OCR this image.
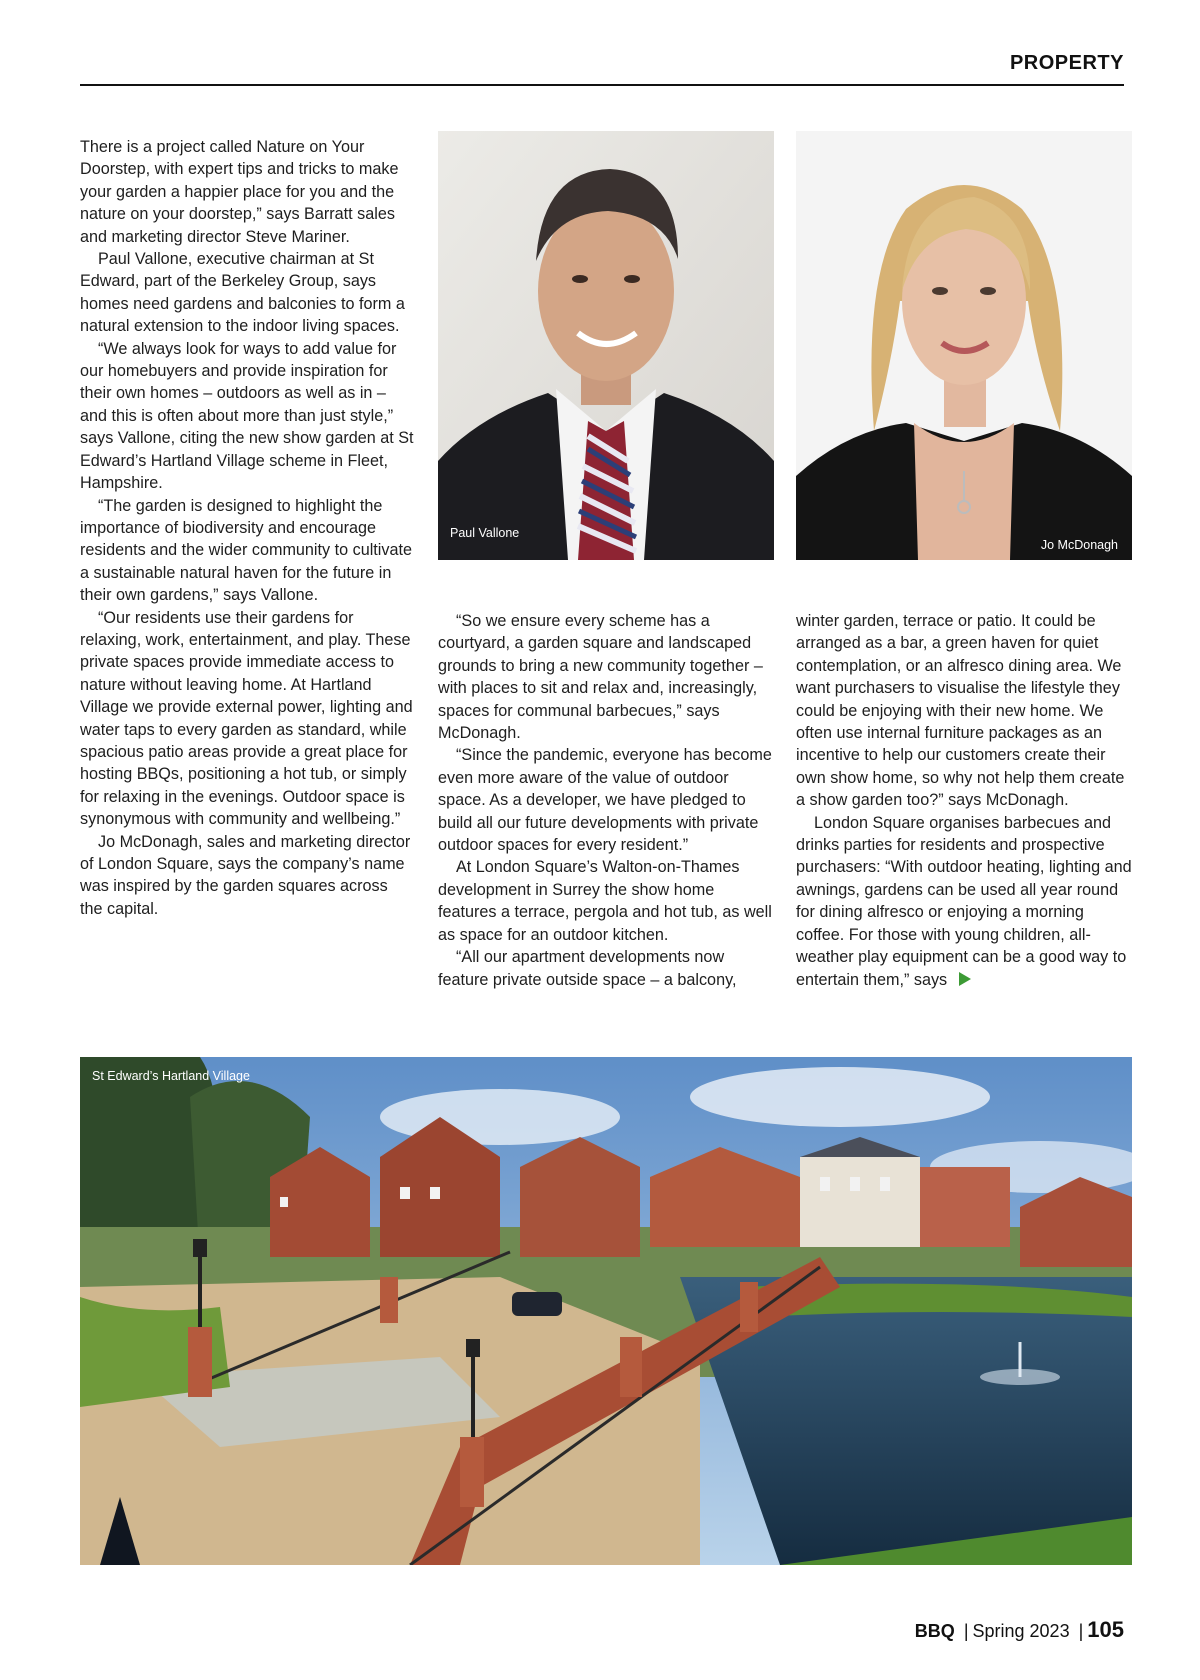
PROPERTY

There is a project called Nature on Your Doorstep, with expert tips and tricks to make your garden a happier place for you and the nature on your doorstep,” says Barratt sales and marketing director Steve Mariner.

Paul Vallone, executive chairman at St Edward, part of the Berkeley Group, says homes need gardens and balconies to form a natural extension to the indoor living spaces.

“We always look for ways to add value for our homebuyers and provide inspiration for their own homes – outdoors as well as in – and this is often about more than just style,” says Vallone, citing the new show garden at St Edward’s Hartland Village scheme in Fleet, Hampshire.

“The garden is designed to highlight the importance of biodiversity and encourage residents and the wider community to cultivate a sustainable natural haven for the future in their own gardens,” says Vallone.

“Our residents use their gardens for relaxing, work, entertainment, and play. These private spaces provide immediate access to nature without leaving home. At Hartland Village we provide external power, lighting and water taps to every garden as standard, while spacious patio areas provide a great place for hosting BBQs, positioning a hot tub, or simply for relaxing in the evenings. Outdoor space is synonymous with community and wellbeing.”

Jo McDonagh, sales and marketing director of London Square, says the company’s name was inspired by the garden squares across the capital.

Paul Vallone
Jo McDonagh

“So we ensure every scheme has a courtyard, a garden square and landscaped grounds to bring a new community together – with places to sit and relax and, increasingly, spaces for communal barbecues,” says McDonagh.

“Since the pandemic, everyone has become even more aware of the value of outdoor space. As a developer, we have pledged to build all our future developments with private outdoor spaces for every resident.”

At London Square’s Walton-on-Thames development in Surrey the show home features a terrace, pergola and hot tub, as well as space for an outdoor kitchen.

“All our apartment developments now feature private outside space – a balcony,

winter garden, terrace or patio. It could be arranged as a bar, a green haven for quiet contemplation, or an alfresco dining area. We want purchasers to visualise the lifestyle they could be enjoying with their new home. We often use internal furniture packages as an incentive to help our customers create their own show home, so why not help them create a show garden too?” says McDonagh.

London Square organises barbecues and drinks parties for residents and prospective purchasers: “With outdoor heating, lighting and awnings, gardens can be used all year round for dining alfresco or enjoying a morning coffee. For those with young children, all-weather play equipment can be a good way to entertain them,” says

St Edward’s Hartland Village
BBQ | Spring 2023 | 105
